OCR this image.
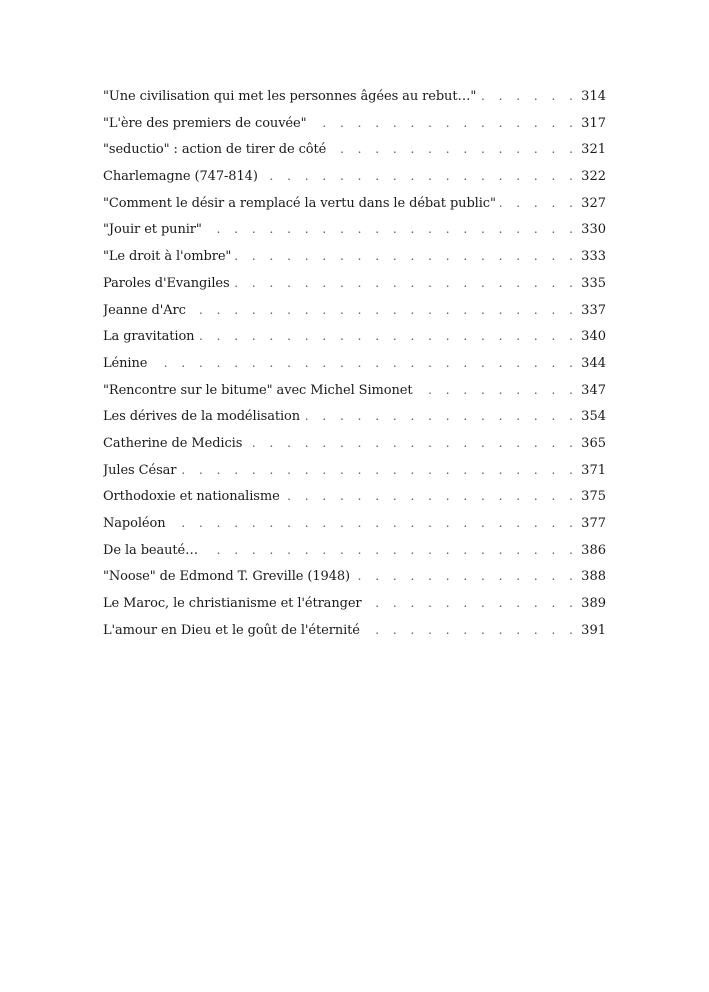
"Une civilisation qui met les personnes âgées au rebut…" . . .	314
"L'ère des premiers de couvée" . . .	317
"seductio" : action de tirer de côté . . .	321
Charlemagne (747-814) . . .	322
"Comment le désir a remplacé la vertu dans le débat public" . . .	327
"Jouir et punir" . . .	330
"Le droit à l'ombre" . . .	333
Paroles d'Evangiles . . .	335
Jeanne d'Arc . . .	337
La gravitation . . .	340
Lénine . . .	344
"Rencontre sur le bitume" avec Michel Simonet . . .	347
Les dérives de la modélisation . . .	354
Catherine de Medicis . . .	365
Jules César . . .	371
Orthodoxie et nationalisme . . .	375
Napoléon . . .	377
De la beauté… . . .	386
"Noose" de Edmond T. Greville (1948) . . .	388
Le Maroc, le christianisme et l'étranger . . .	389
L'amour en Dieu et le goût de l'éternité . . .	391
